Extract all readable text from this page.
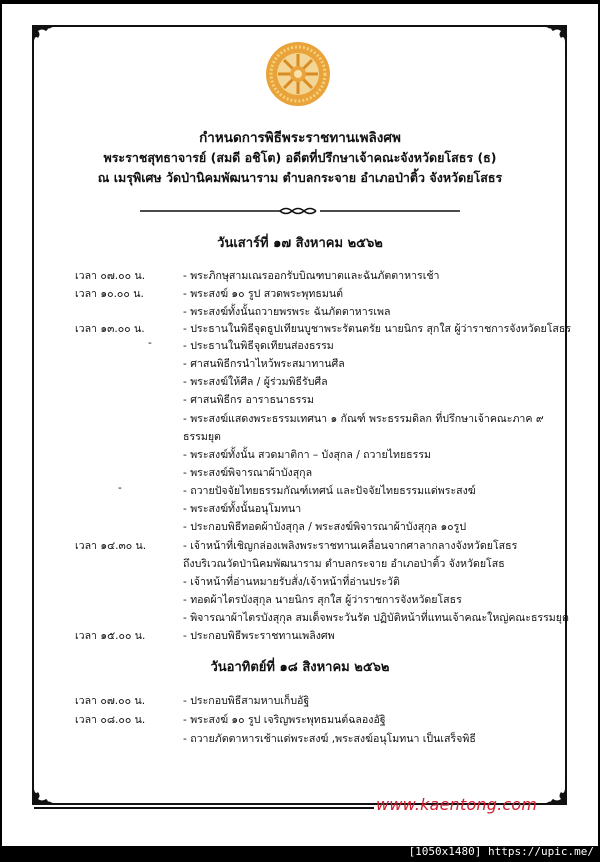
กำหนดการพิธีพระราชทานเพลิงศพ
พระราชสุทธาจารย์ (สมดี อชิโต) อดีตที่ปรึกษาเจ้าคณะจังหวัดยโสธร (ธ)
ณ เมรุพิเศษ วัดป่านิคมพัฒนาราม ตำบลกระจาย อำเภอป่าติ้ว จังหวัดยโสธร
วันเสาร์ที่ ๑๗ สิงหาคม ๒๕๖๒
เวลา ๐๗.๐๐ น.	- พระภิกษุสามเณรออกรับบิณฑบาตและฉันภัตตาหารเช้า
เวลา ๑๐.๐๐ น.	- พระสงฆ์ ๑๐ รูป สวดพระพุทธมนต์
- พระสงฆ์ทั้งนั้นถวายพรพระ ฉันภัตตาหารเพล
เวลา ๑๓.๐๐ น.	- ประธานในพิธีจุดธูปเทียนบูชาพระรัตนตรัย นายนิกร สุกใส ผู้ว่าราชการจังหวัดยโสธร
-	- ประธานในพิธีจุดเทียนส่องธรรม
- ศาสนพิธีกรนำไหว้พระสมาทานศีล
- พระสงฆ์ให้ศีล / ผู้ร่วมพิธีรับศีล
- ศาสนพิธีกร อาราธนาธรรม
- พระสงฆ์แสดงพระธรรมเทศนา ๑ กัณฑ์ พระธรรมดิลก ที่ปรึกษาเจ้าคณะภาค ๙
ธรรมยุต
- พระสงฆ์ทั้งนั้น สวดมาติกา – บังสุกล / ถวายไทยธรรม
- พระสงฆ์พิจารณาผ้าบังสุกุล
-	- ถวายปัจจัยไทยธรรมกัณฑ์เทศน์ และปัจจัยไทยธรรมแด่พระสงฆ์
- พระสงฆ์ทั้งนั้นอนุโมทนา
- ประกอบพิธีทอดผ้าบังสุกุล / พระสงฆ์พิจารณาผ้าบังสุกุล ๑๐รูป
เวลา ๑๔.๓๐ น.	- เจ้าหน้าที่เชิญกล่องเพลิงพระราชทานเคลื่อนจากศาลากลางจังหวัดยโสธร
ถึงบริเวณวัดป่านิคมพัฒนาราม ตำบลกระจาย อำเภอป่าติ้ว จังหวัดยโสธ
- เจ้าหน้าที่อ่านหมายรับสั่ง/เจ้าหน้าที่อ่านประวัติ
- ทอดผ้าไตรบังสุกุล นายนิกร สุกใส ผู้ว่าราชการจังหวัดยโสธร
- พิจารณาผ้าไตรบังสุกุล สมเด็จพระวันรัต ปฏิบัติหน้าที่แทนเจ้าคณะใหญ่คณะธรรมยุต
เวลา ๑๕.๐๐ น.	- ประกอบพิธีพระราชทานเพลิงศพ
วันอาทิตย์ที่ ๑๘ สิงหาคม ๒๕๖๒
เวลา ๐๗.๐๐ น.	- ประกอบพิธีสามหาบเก็บอัฐิ
เวลา ๐๘.๐๐ น.	- พระสงฆ์ ๑๐ รูป เจริญพระพุทธมนต์ฉลองอัฐิ
- ถวายภัตตาหารเช้าแด่พระสงฆ์ ,พระสงฆ์อนุโมทนา เป็นเสร็จพิธี
www.kaentong.com
[1050x1480] https://upic.me/
